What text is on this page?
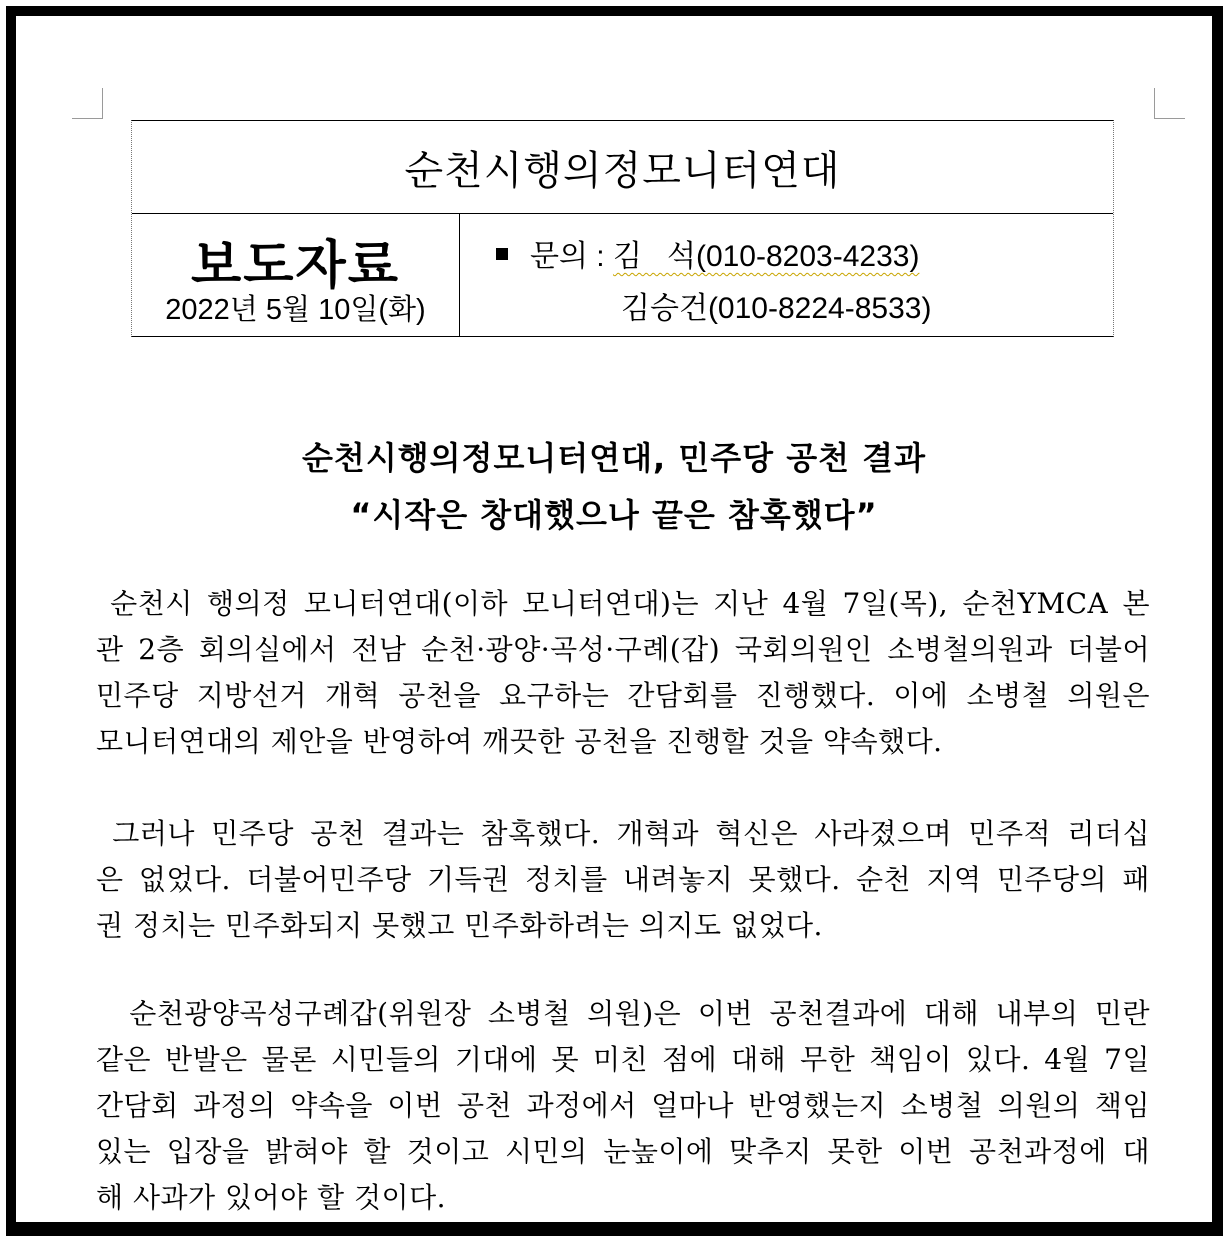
순천시행의정모니터연대
보도자료
2022년 5월 10일(화)
문의 : 김   석(010-8203-4233)
김승건(010-8224-8533)
순천시행의정모니터연대, 민주당 공천 결과
“시작은 창대했으나 끝은 참혹했다”
순천시 행의정 모니터연대(이하 모니터연대)는 지난 4월 7일(목), 순천YMCA 본
관 2층 회의실에서 전남 순천·광양·곡성·구례(갑) 국회의원인 소병철의원과 더불어
민주당 지방선거 개혁 공천을 요구하는 간담회를 진행했다. 이에 소병철 의원은
모니터연대의 제안을 반영하여 깨끗한 공천을 진행할 것을 약속했다.
그러나 민주당 공천 결과는 참혹했다. 개혁과 혁신은 사라졌으며 민주적 리더십
은 없었다. 더불어민주당 기득권 정치를 내려놓지 못했다. 순천 지역 민주당의 패
권 정치는 민주화되지 못했고 민주화하려는 의지도 없었다.
순천광양곡성구례갑(위원장 소병철 의원)은 이번 공천결과에 대해 내부의 민란
같은 반발은 물론 시민들의 기대에 못 미친 점에 대해 무한 책임이 있다. 4월 7일
간담회 과정의 약속을 이번 공천 과정에서 얼마나 반영했는지 소병철 의원의 책임
있는 입장을 밝혀야 할 것이고 시민의 눈높이에 맞추지 못한 이번 공천과정에 대
해 사과가 있어야 할 것이다.
